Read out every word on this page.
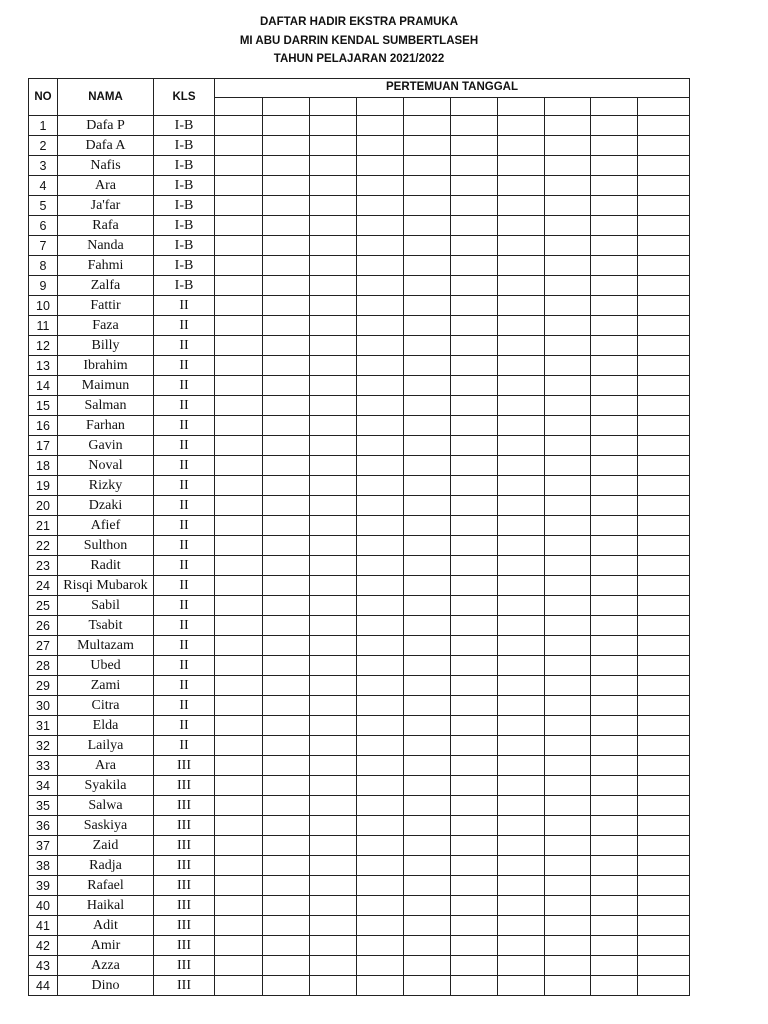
DAFTAR HADIR EKSTRA PRAMUKA
MI ABU DARRIN KENDAL SUMBERTLASEH
TAHUN PELAJARAN 2021/2022
NO	NAMA	KLS	PERTEMUAN TANGGAL									

1	Dafa P	I-B										
2	Dafa A	I-B										
3	Nafis	I-B										
4	Ara	I-B										
5	Ja'far	I-B										
6	Rafa	I-B										
7	Nanda	I-B										
8	Fahmi	I-B										
9	Zalfa	I-B										
10	Fattir	II										
11	Faza	II										
12	Billy	II										
13	Ibrahim	II										
14	Maimun	II										
15	Salman	II										
16	Farhan	II										
17	Gavin	II										
18	Noval	II										
19	Rizky	II										
20	Dzaki	II										
21	Afief	II										
22	Sulthon	II										
23	Radit	II										
24	Risqi Mubarok	II										
25	Sabil	II										
26	Tsabit	II										
27	Multazam	II										
28	Ubed	II										
29	Zami	II										
30	Citra	II										
31	Elda	II										
32	Lailya	II										
33	Ara	III										
34	Syakila	III										
35	Salwa	III										
36	Saskiya	III										
37	Zaid	III										
38	Radja	III										
39	Rafael	III										
40	Haikal	III										
41	Adit	III										
42	Amir	III										
43	Azza	III										
44	Dino	III										
